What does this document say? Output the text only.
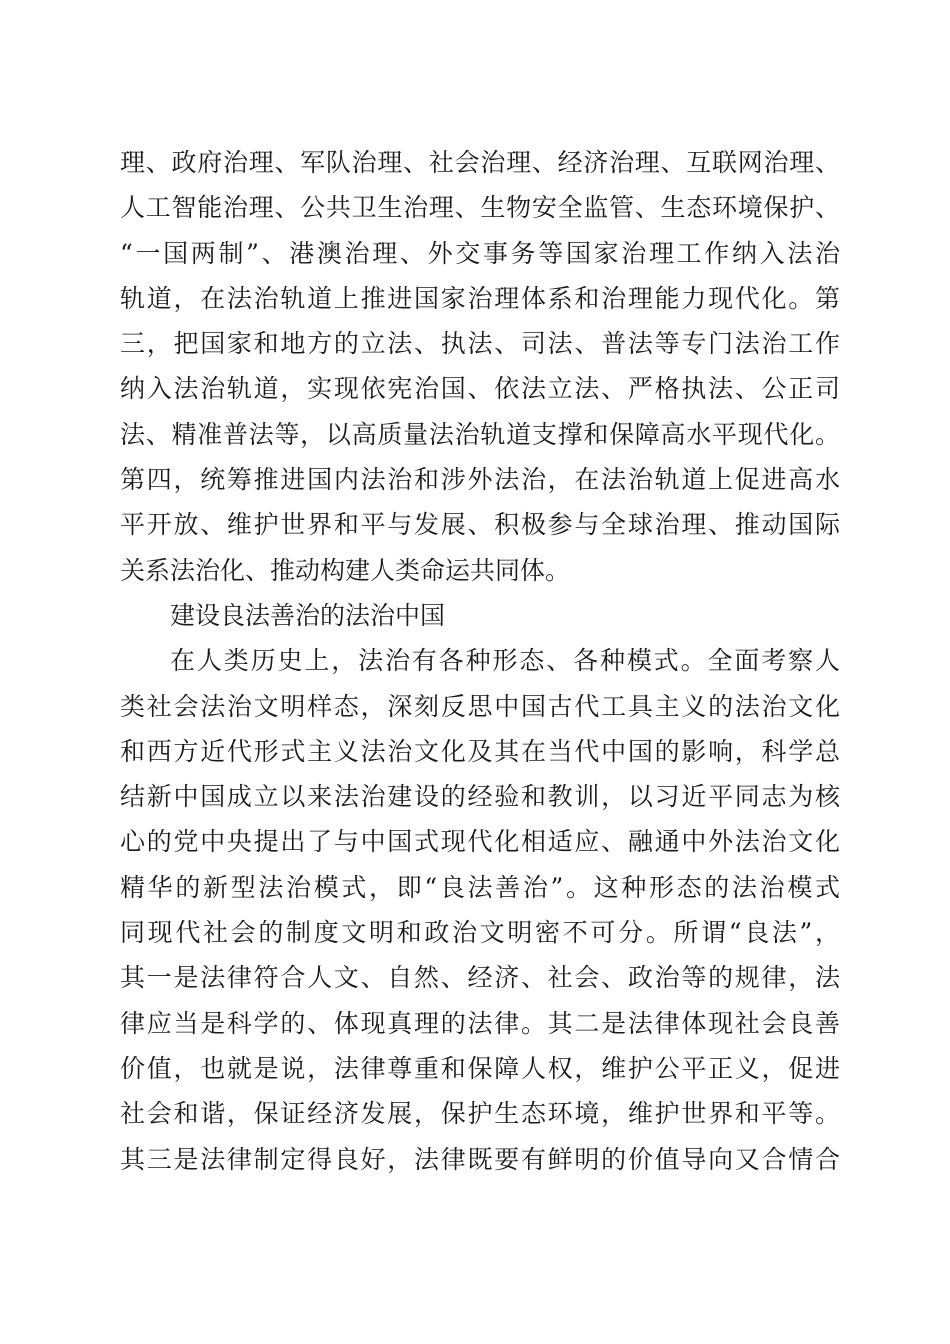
理、政府治理、军队治理、社会治理、经济治理、互联网治理、
人工智能治理、公共卫生治理、生物安全监管、生态环境保护、
“一国两制”、港澳治理、外交事务等国家治理工作纳入法治
轨道，在法治轨道上推进国家治理体系和治理能力现代化。第
三，把国家和地方的立法、执法、司法、普法等专门法治工作
纳入法治轨道，实现依宪治国、依法立法、严格执法、公正司
法、精准普法等，以高质量法治轨道支撑和保障高水平现代化。
第四，统筹推进国内法治和涉外法治，在法治轨道上促进高水
平开放、维护世界和平与发展、积极参与全球治理、推动国际
关系法治化、推动构建人类命运共同体。
建设良法善治的法治中国
在人类历史上，法治有各种形态、各种模式。全面考察人
类社会法治文明样态，深刻反思中国古代工具主义的法治文化
和西方近代形式主义法治文化及其在当代中国的影响，科学总
结新中国成立以来法治建设的经验和教训，以习近平同志为核
心的党中央提出了与中国式现代化相适应、融通中外法治文化
精华的新型法治模式，即“良法善治”。这种形态的法治模式
同现代社会的制度文明和政治文明密不可分。所谓“良法”，
其一是法律符合人文、自然、经济、社会、政治等的规律，法
律应当是科学的、体现真理的法律。其二是法律体现社会良善
价值，也就是说，法律尊重和保障人权，维护公平正义，促进
社会和谐，保证经济发展，保护生态环境，维护世界和平等。
其三是法律制定得良好，法律既要有鲜明的价值导向又合情合
